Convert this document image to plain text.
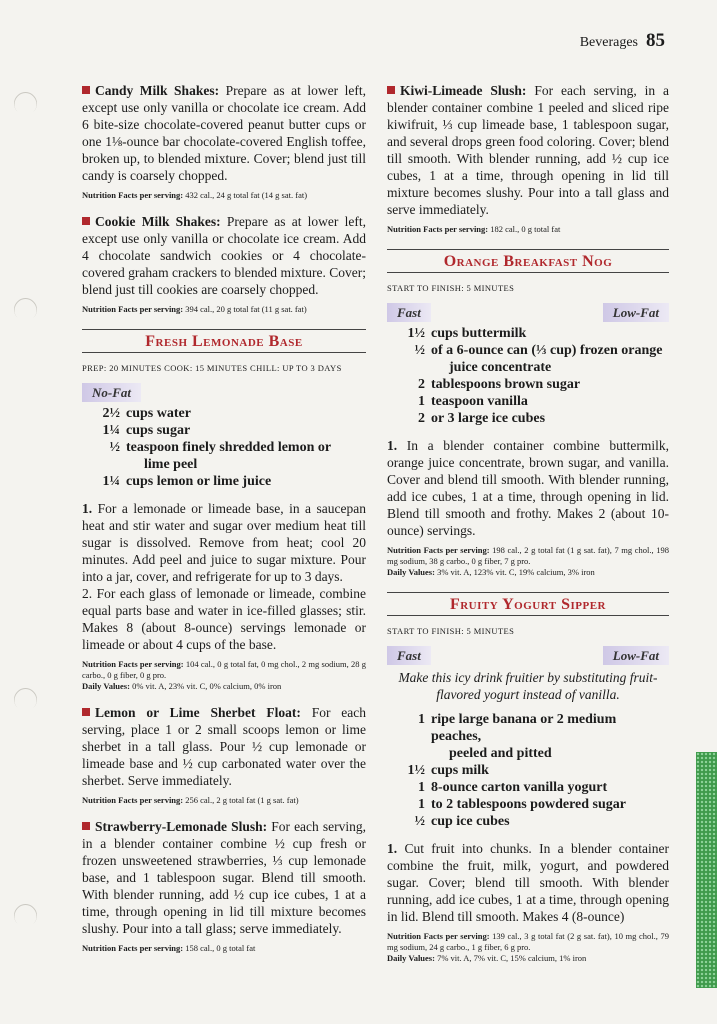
Beverages 85

Candy Milk Shakes: Prepare as at lower left, except use only vanilla or chocolate ice cream. Add 6 bite-size chocolate-covered peanut butter cups or one 1⅛-ounce bar chocolate-covered English toffee, broken up, to blended mixture. Cover; blend just till candy is coarsely chopped.

Nutrition Facts per serving: 432 cal., 24 g total fat (14 g sat. fat)

Cookie Milk Shakes: Prepare as at lower left, except use only vanilla or chocolate ice cream. Add 4 chocolate sandwich cookies or 4 chocolate-covered graham crackers to blended mixture. Cover; blend just till cookies are coarsely chopped.

Nutrition Facts per serving: 394 cal., 20 g total fat (11 g sat. fat)

Fresh Lemonade Base
PREP: 20 MINUTES COOK: 15 MINUTES CHILL: UP TO 3 DAYS
No-Fat
2½ cups water
1¼ cups sugar
½ teaspoon finely shredded lemon or
lime peel
1¼ cups lemon or lime juice

1. For a lemonade or limeade base, in a saucepan heat and stir water and sugar over medium heat till sugar is dissolved. Remove from heat; cool 20 minutes. Add peel and juice to sugar mixture. Pour into a jar, cover, and refrigerate for up to 3 days.

2. For each glass of lemonade or limeade, combine equal parts base and water in ice-filled glasses; stir. Makes 8 (about 8-ounce) servings lemonade or limeade or about 4 cups of the base.

Nutrition Facts per serving: 104 cal., 0 g total fat, 0 mg chol., 2 mg sodium, 28 g carbo., 0 g fiber, 0 g pro.
Daily Values: 0% vit. A, 23% vit. C, 0% calcium, 0% iron

Lemon or Lime Sherbet Float: For each serving, place 1 or 2 small scoops lemon or lime sherbet in a tall glass. Pour ½ cup lemonade or limeade base and ½ cup carbonated water over the sherbet. Serve immediately.

Nutrition Facts per serving: 256 cal., 2 g total fat (1 g sat. fat)

Strawberry-Lemonade Slush: For each serving, in a blender container combine ½ cup fresh or frozen unsweetened strawberries, ⅓ cup lemonade base, and 1 tablespoon sugar. Blend till smooth. With blender running, add ½ cup ice cubes, 1 at a time, through opening in lid till mixture becomes slushy. Pour into a tall glass; serve immediately.

Nutrition Facts per serving: 158 cal., 0 g total fat

Kiwi-Limeade Slush: For each serving, in a blender container combine 1 peeled and sliced ripe kiwifruit, ⅓ cup limeade base, 1 tablespoon sugar, and several drops green food coloring. Cover; blend till smooth. With blender running, add ½ cup ice cubes, 1 at a time, through opening in lid till mixture becomes slushy. Pour into a tall glass and serve immediately.

Nutrition Facts per serving: 182 cal., 0 g total fat

Orange Breakfast Nog
START TO FINISH: 5 MINUTES
Fast	Low-Fat
1½ cups buttermilk
½ of a 6-ounce can (⅓ cup) frozen orange
juice concentrate
2 tablespoons brown sugar
1 teaspoon vanilla
2 or 3 large ice cubes

1. In a blender container combine buttermilk, orange juice concentrate, brown sugar, and vanilla. Cover and blend till smooth. With blender running, add ice cubes, 1 at a time, through opening in lid. Blend till smooth and frothy. Makes 2 (about 10-ounce) servings.

Nutrition Facts per serving: 198 cal., 2 g total fat (1 g sat. fat), 7 mg chol., 198 mg sodium, 38 g carbo., 0 g fiber, 7 g pro.
Daily Values: 3% vit. A, 123% vit. C, 19% calcium, 3% iron

Fruity Yogurt Sipper
START TO FINISH: 5 MINUTES
Fast	Low-Fat

Make this icy drink fruitier by substituting fruit-flavored yogurt instead of vanilla.

1 ripe large banana or 2 medium peaches,
peeled and pitted
1½ cups milk
1 8-ounce carton vanilla yogurt
1 to 2 tablespoons powdered sugar
½ cup ice cubes

1. Cut fruit into chunks. In a blender container combine the fruit, milk, yogurt, and powdered sugar. Cover; blend till smooth. With blender running, add ice cubes, 1 at a time, through opening in lid. Blend till smooth. Makes 4 (8-ounce)

Nutrition Facts per serving: 139 cal., 3 g total fat (2 g sat. fat), 10 mg chol., 79 mg sodium, 24 g carbo., 1 g fiber, 6 g pro.
Daily Values: 7% vit. A, 7% vit. C, 15% calcium, 1% iron
